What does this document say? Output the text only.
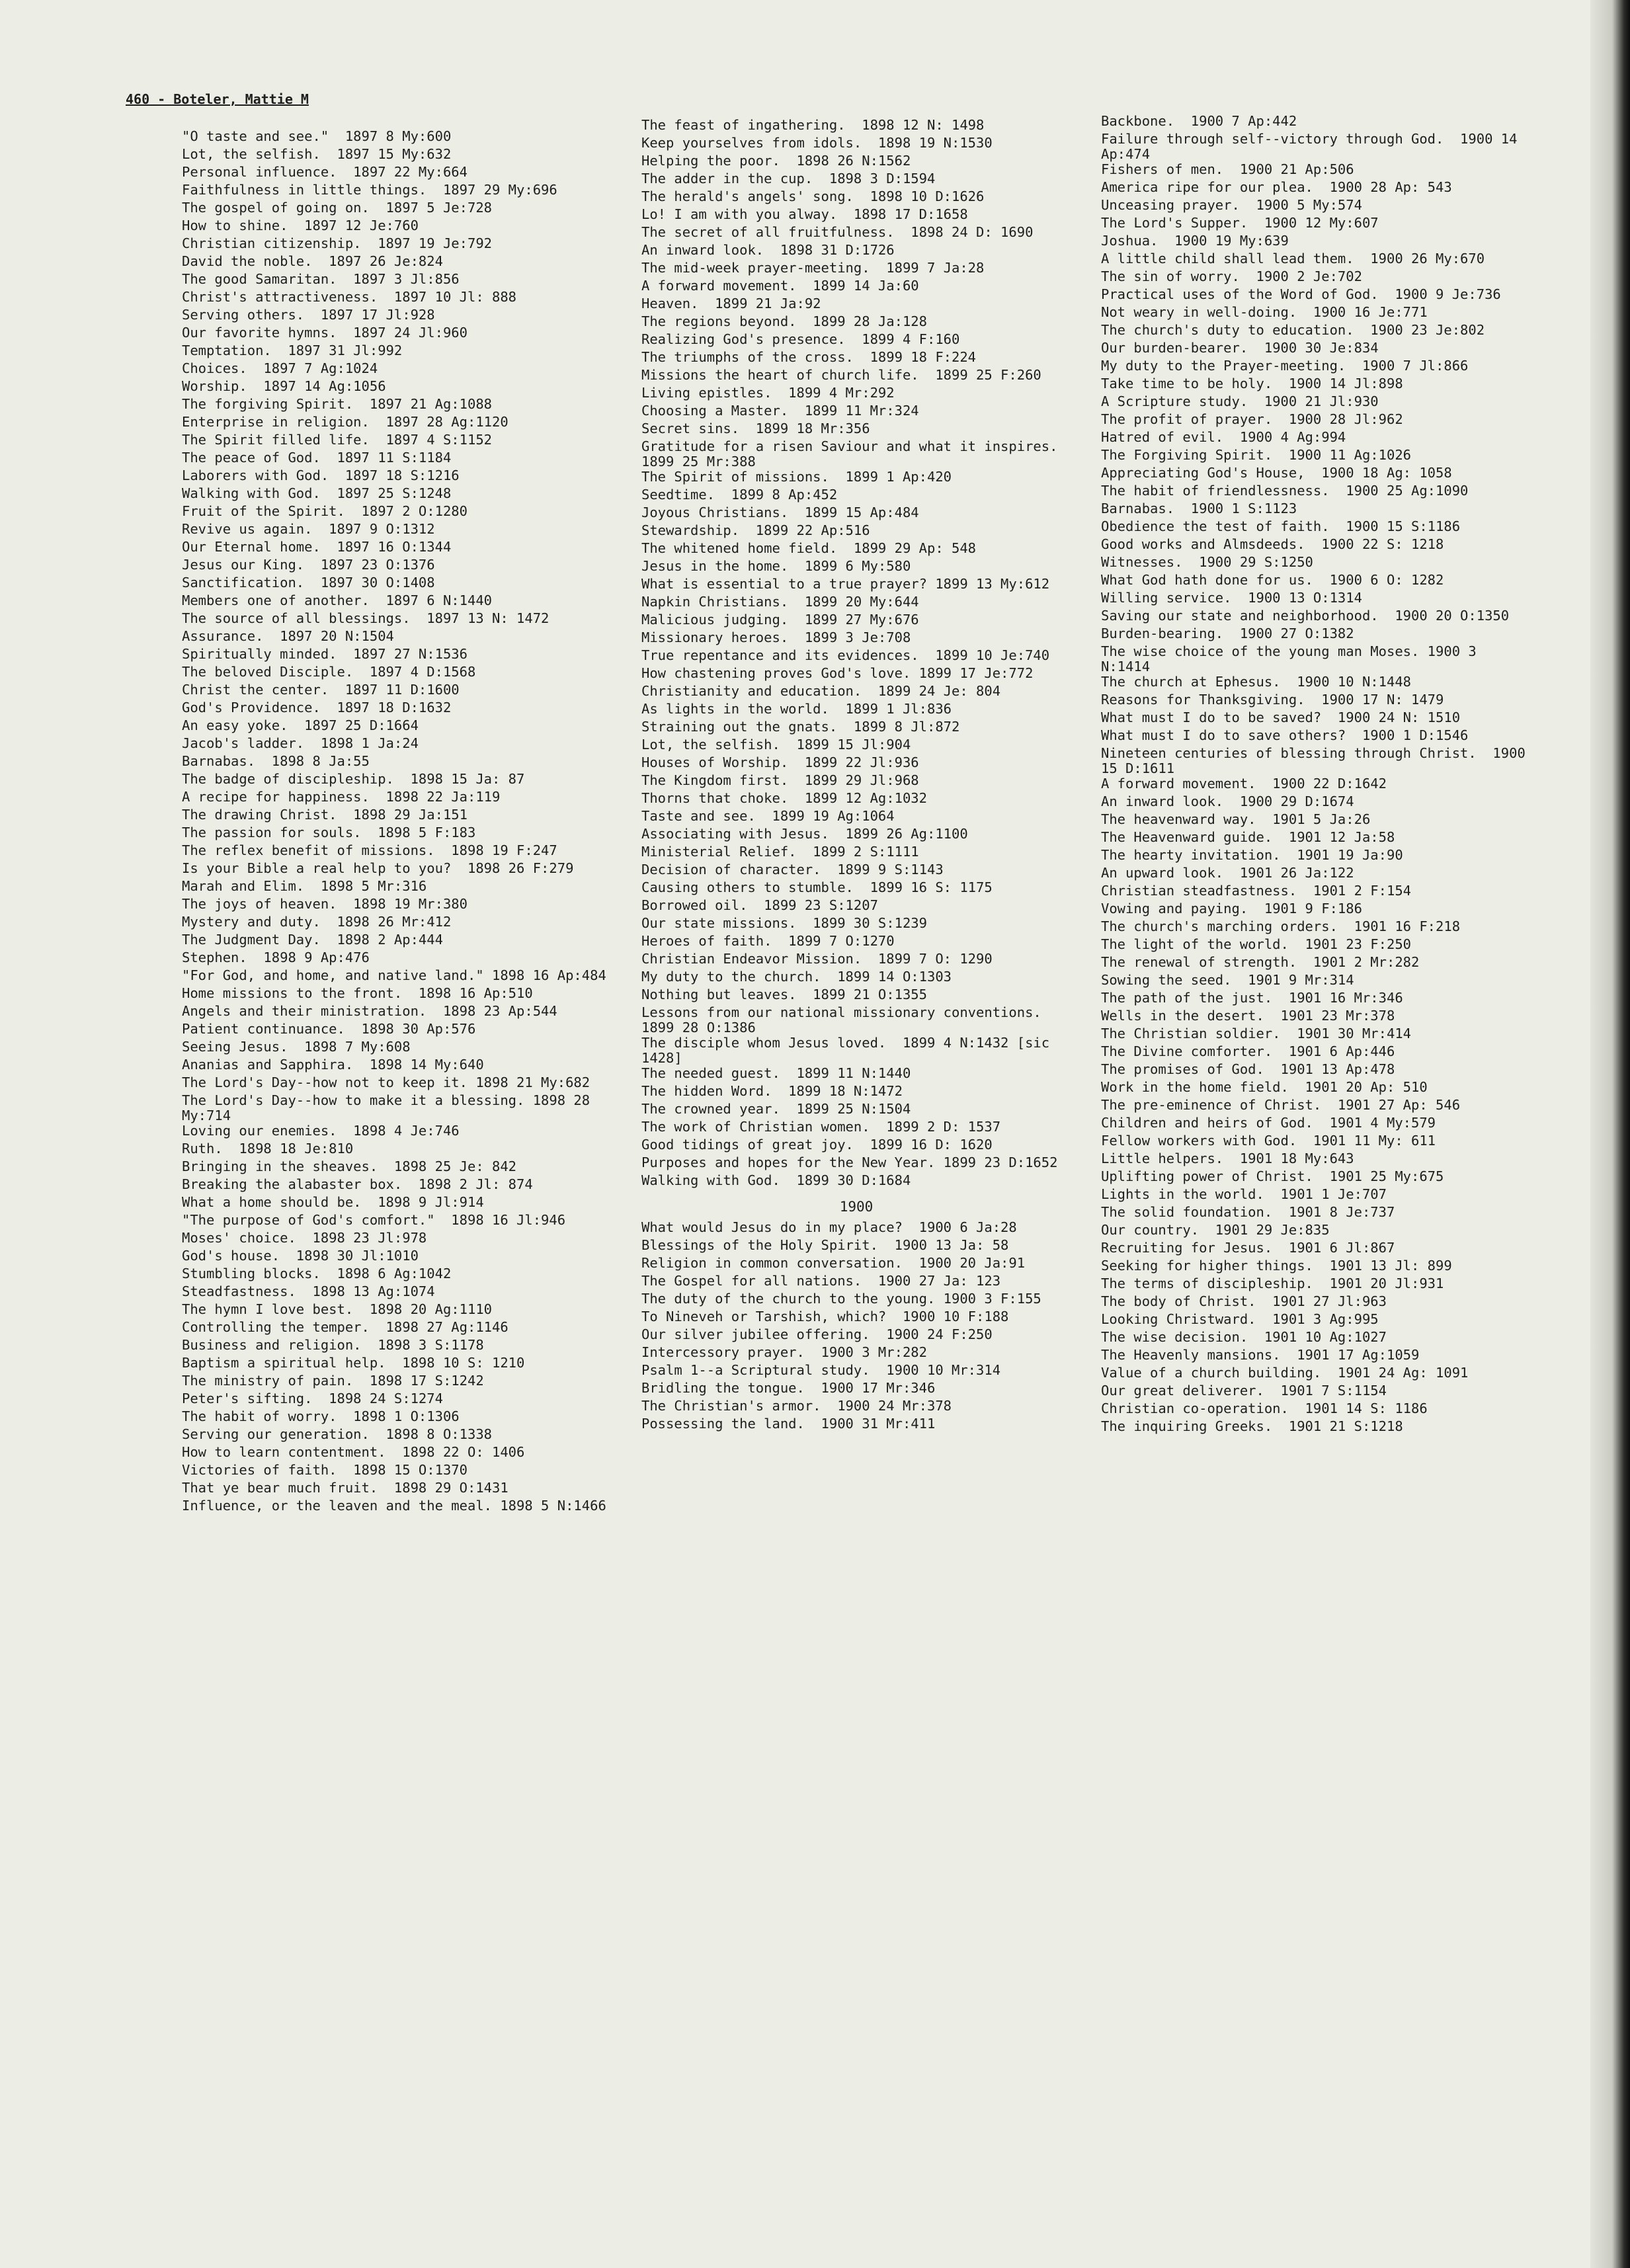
460 - Boteler, Mattie M
"O taste and see."  1897 8 My:600
Lot, the selfish.  1897 15 My:632
Personal influence.  1897 22 My:664
Faithfulness in little things.  1897 29 My:696
The gospel of going on.  1897 5 Je:728
How to shine.  1897 12 Je:760
Christian citizenship.  1897 19 Je:792
David the noble.  1897 26 Je:824
The good Samaritan.  1897 3 Jl:856
Christ's attractiveness.  1897 10 Jl: 888
Serving others.  1897 17 Jl:928
Our favorite hymns.  1897 24 Jl:960
Temptation.  1897 31 Jl:992
Choices.  1897 7 Ag:1024
Worship.  1897 14 Ag:1056
The forgiving Spirit.  1897 21 Ag:1088
Enterprise in religion.  1897 28 Ag:1120
The Spirit filled life.  1897 4 S:1152
The peace of God.  1897 11 S:1184
Laborers with God.  1897 18 S:1216
Walking with God.  1897 25 S:1248
Fruit of the Spirit.  1897 2 O:1280
Revive us again.  1897 9 O:1312
Our Eternal home.  1897 16 O:1344
Jesus our King.  1897 23 O:1376
Sanctification.  1897 30 O:1408
Members one of another.  1897 6 N:1440
The source of all blessings.  1897 13 N: 1472
Assurance.  1897 20 N:1504
Spiritually minded.  1897 27 N:1536
The beloved Disciple.  1897 4 D:1568
Christ the center.  1897 11 D:1600
God's Providence.  1897 18 D:1632
An easy yoke.  1897 25 D:1664
Jacob's ladder.  1898 1 Ja:24
Barnabas.  1898 8 Ja:55
The badge of discipleship.  1898 15 Ja: 87
A recipe for happiness.  1898 22 Ja:119
The drawing Christ.  1898 29 Ja:151
The passion for souls.  1898 5 F:183
The reflex benefit of missions.  1898 19 F:247
Is your Bible a real help to you?  1898 26 F:279
Marah and Elim.  1898 5 Mr:316
The joys of heaven.  1898 19 Mr:380
Mystery and duty.  1898 26 Mr:412
The Judgment Day.  1898 2 Ap:444
Stephen.  1898 9 Ap:476
"For God, and home, and native land." 1898 16 Ap:484
Home missions to the front.  1898 16 Ap:510
Angels and their ministration.  1898 23 Ap:544
Patient continuance.  1898 30 Ap:576
Seeing Jesus.  1898 7 My:608
Ananias and Sapphira.  1898 14 My:640
The Lord's Day--how not to keep it. 1898 21 My:682
The Lord's Day--how to make it a blessing. 1898 28 My:714
Loving our enemies.  1898 4 Je:746
Ruth.  1898 18 Je:810
Bringing in the sheaves.  1898 25 Je: 842
Breaking the alabaster box.  1898 2 Jl: 874
What a home should be.  1898 9 Jl:914
"The purpose of God's comfort."  1898 16 Jl:946
Moses' choice.  1898 23 Jl:978
God's house.  1898 30 Jl:1010
Stumbling blocks.  1898 6 Ag:1042
Steadfastness.  1898 13 Ag:1074
The hymn I love best.  1898 20 Ag:1110
Controlling the temper.  1898 27 Ag:1146
Business and religion.  1898 3 S:1178
Baptism a spiritual help.  1898 10 S: 1210
The ministry of pain.  1898 17 S:1242
Peter's sifting.  1898 24 S:1274
The habit of worry.  1898 1 O:1306
Serving our generation.  1898 8 O:1338
How to learn contentment.  1898 22 O: 1406
Victories of faith.  1898 15 O:1370
That ye bear much fruit.  1898 29 O:1431
Influence, or the leaven and the meal. 1898 5 N:1466
The feast of ingathering.  1898 12 N: 1498
Keep yourselves from idols.  1898 19 N:1530
Helping the poor.  1898 26 N:1562
The adder in the cup.  1898 3 D:1594
The herald's angels' song.  1898 10 D:1626
Lo! I am with you alway.  1898 17 D:1658
The secret of all fruitfulness.  1898 24 D: 1690
An inward look.  1898 31 D:1726
The mid-week prayer-meeting.  1899 7 Ja:28
A forward movement.  1899 14 Ja:60
Heaven.  1899 21 Ja:92
The regions beyond.  1899 28 Ja:128
Realizing God's presence.  1899 4 F:160
The triumphs of the cross.  1899 18 F:224
Missions the heart of church life.  1899 25 F:260
Living epistles.  1899 4 Mr:292
Choosing a Master.  1899 11 Mr:324
Secret sins.  1899 18 Mr:356
Gratitude for a risen Saviour and what it inspires.  1899 25 Mr:388
The Spirit of missions.  1899 1 Ap:420
Seedtime.  1899 8 Ap:452
Joyous Christians.  1899 15 Ap:484
Stewardship.  1899 22 Ap:516
The whitened home field.  1899 29 Ap: 548
Jesus in the home.  1899 6 My:580
What is essential to a true prayer? 1899 13 My:612
Napkin Christians.  1899 20 My:644
Malicious judging.  1899 27 My:676
Missionary heroes.  1899 3 Je:708
True repentance and its evidences.  1899 10 Je:740
How chastening proves God's love. 1899 17 Je:772
Christianity and education.  1899 24 Je: 804
As lights in the world.  1899 1 Jl:836
Straining out the gnats.  1899 8 Jl:872
Lot, the selfish.  1899 15 Jl:904
Houses of Worship.  1899 22 Jl:936
The Kingdom first.  1899 29 Jl:968
Thorns that choke.  1899 12 Ag:1032
Taste and see.  1899 19 Ag:1064
Associating with Jesus.  1899 26 Ag:1100
Ministerial Relief.  1899 2 S:1111
Decision of character.  1899 9 S:1143
Causing others to stumble.  1899 16 S: 1175
Borrowed oil.  1899 23 S:1207
Our state missions.  1899 30 S:1239
Heroes of faith.  1899 7 O:1270
Christian Endeavor Mission.  1899 7 O: 1290
My duty to the church.  1899 14 O:1303
Nothing but leaves.  1899 21 O:1355
Lessons from our national missionary conventions.  1899 28 O:1386
The disciple whom Jesus loved.  1899 4 N:1432 [sic 1428]
The needed guest.  1899 11 N:1440
The hidden Word.  1899 18 N:1472
The crowned year.  1899 25 N:1504
The work of Christian women.  1899 2 D: 1537
Good tidings of great joy.  1899 16 D: 1620
Purposes and hopes for the New Year. 1899 23 D:1652
Walking with God.  1899 30 D:1684
1900
What would Jesus do in my place?  1900 6 Ja:28
Blessings of the Holy Spirit.  1900 13 Ja: 58
Religion in common conversation.  1900 20 Ja:91
The Gospel for all nations.  1900 27 Ja: 123
The duty of the church to the young. 1900 3 F:155
To Nineveh or Tarshish, which?  1900 10 F:188
Our silver jubilee offering.  1900 24 F:250
Intercessory prayer.  1900 3 Mr:282
Psalm 1--a Scriptural study.  1900 10 Mr:314
Bridling the tongue.  1900 17 Mr:346
The Christian's armor.  1900 24 Mr:378
Possessing the land.  1900 31 Mr:411
Backbone.  1900 7 Ap:442
Failure through self--victory through God.  1900 14 Ap:474
Fishers of men.  1900 21 Ap:506
America ripe for our plea.  1900 28 Ap: 543
Unceasing prayer.  1900 5 My:574
The Lord's Supper.  1900 12 My:607
Joshua.  1900 19 My:639
A little child shall lead them.  1900 26 My:670
The sin of worry.  1900 2 Je:702
Practical uses of the Word of God.  1900 9 Je:736
Not weary in well-doing.  1900 16 Je:771
The church's duty to education.  1900 23 Je:802
Our burden-bearer.  1900 30 Je:834
My duty to the Prayer-meeting.  1900 7 Jl:866
Take time to be holy.  1900 14 Jl:898
A Scripture study.  1900 21 Jl:930
The profit of prayer.  1900 28 Jl:962
Hatred of evil.  1900 4 Ag:994
The Forgiving Spirit.  1900 11 Ag:1026
Appreciating God's House,  1900 18 Ag: 1058
The habit of friendlessness.  1900 25 Ag:1090
Barnabas.  1900 1 S:1123
Obedience the test of faith.  1900 15 S:1186
Good works and Almsdeeds.  1900 22 S: 1218
Witnesses.  1900 29 S:1250
What God hath done for us.  1900 6 O: 1282
Willing service.  1900 13 O:1314
Saving our state and neighborhood.  1900 20 O:1350
Burden-bearing.  1900 27 O:1382
The wise choice of the young man Moses. 1900 3 N:1414
The church at Ephesus.  1900 10 N:1448
Reasons for Thanksgiving.  1900 17 N: 1479
What must I do to be saved?  1900 24 N: 1510
What must I do to save others?  1900 1 D:1546
Nineteen centuries of blessing through Christ.  1900 15 D:1611
A forward movement.  1900 22 D:1642
An inward look.  1900 29 D:1674
The heavenward way.  1901 5 Ja:26
The Heavenward guide.  1901 12 Ja:58
The hearty invitation.  1901 19 Ja:90
An upward look.  1901 26 Ja:122
Christian steadfastness.  1901 2 F:154
Vowing and paying.  1901 9 F:186
The church's marching orders.  1901 16 F:218
The light of the world.  1901 23 F:250
The renewal of strength.  1901 2 Mr:282
Sowing the seed.  1901 9 Mr:314
The path of the just.  1901 16 Mr:346
Wells in the desert.  1901 23 Mr:378
The Christian soldier.  1901 30 Mr:414
The Divine comforter.  1901 6 Ap:446
The promises of God.  1901 13 Ap:478
Work in the home field.  1901 20 Ap: 510
The pre-eminence of Christ.  1901 27 Ap: 546
Children and heirs of God.  1901 4 My:579
Fellow workers with God.  1901 11 My: 611
Little helpers.  1901 18 My:643
Uplifting power of Christ.  1901 25 My:675
Lights in the world.  1901 1 Je:707
The solid foundation.  1901 8 Je:737
Our country.  1901 29 Je:835
Recruiting for Jesus.  1901 6 Jl:867
Seeking for higher things.  1901 13 Jl: 899
The terms of discipleship.  1901 20 Jl:931
The body of Christ.  1901 27 Jl:963
Looking Christward.  1901 3 Ag:995
The wise decision.  1901 10 Ag:1027
The Heavenly mansions.  1901 17 Ag:1059
Value of a church building.  1901 24 Ag: 1091
Our great deliverer.  1901 7 S:1154
Christian co-operation.  1901 14 S: 1186
The inquiring Greeks.  1901 21 S:1218
